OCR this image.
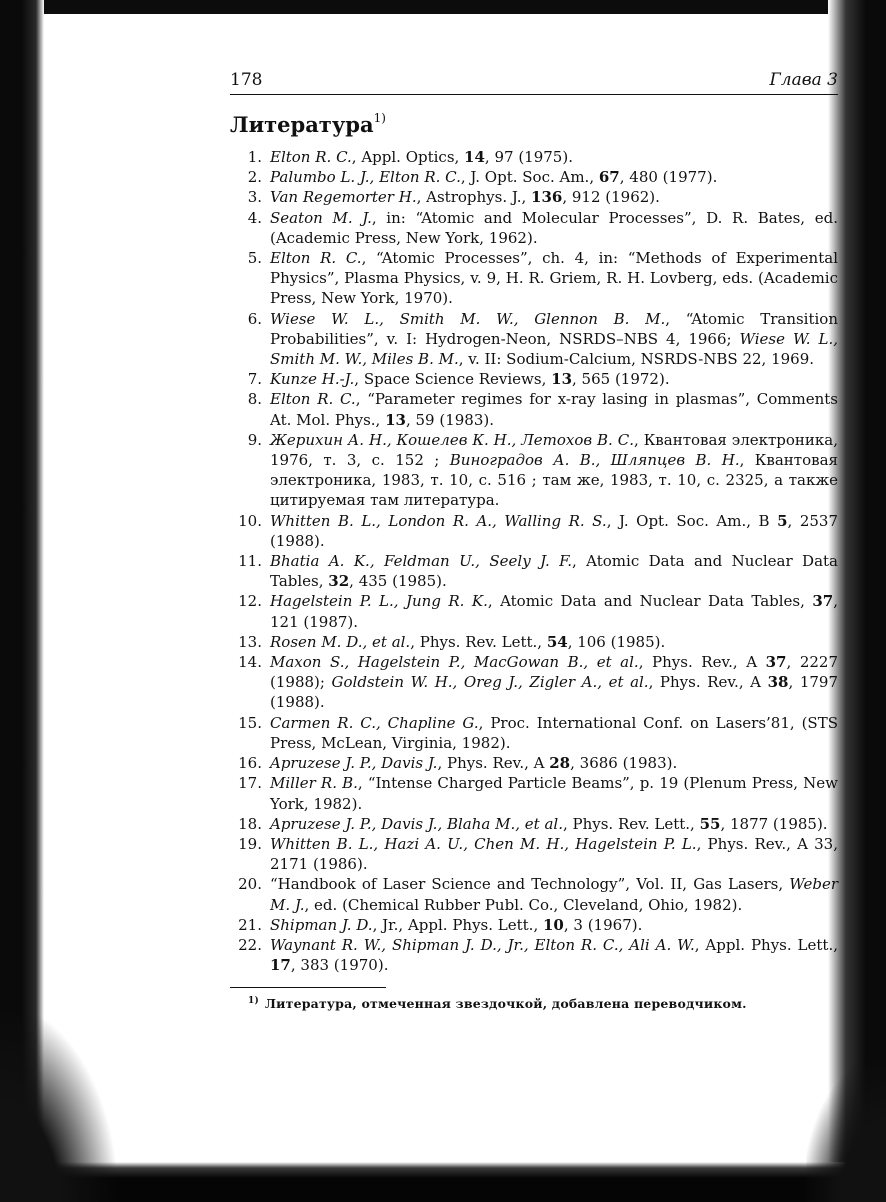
178	Глава 3
Литература$^{1)}$
1. Elton R. C., Appl. Optics, 14, 97 (1975).
2. Palumbo L. J., Elton R. C., J. Opt. Soc. Am., 67, 480 (1977).
3. Van Regemorter H., Astrophys. J., 136, 912 (1962).
4. Seaton M. J., in: “Atomic and Molecular Processes”, D. R. Bates, ed. (Academic Press, New York, 1962).
5. Elton R. C., “Atomic Processes”, ch. 4, in: “Methods of Experimental Physics”, Plasma Physics, v. 9, H. R. Griem, R. H. Lovberg, eds. (Academic Press, New York, 1970).
6. Wiese W. L., Smith M. W., Glennon B. M., “Atomic Transition Probabilities”, v. I: Hydrogen-Neon, NSRDS–NBS 4, 1966; Wiese W. L., Smith M. W., Miles B. M., v. II: Sodium-Calcium, NSRDS-NBS 22, 1969.
7. Kunze H.-J., Space Science Reviews, 13, 565 (1972).
8. Elton R. C., “Parameter regimes for x-ray lasing in plasmas”, Comments At. Mol. Phys., 13, 59 (1983).
9. Жерихин А. Н., Кошелев К. Н., Летохов В. С., Квантовая электроника, 1976, т. 3, с. 152 ; Виноградов А. В., Шляпцев В. Н., Квантовая электроника, 1983, т. 10, с. 516 ; там же, 1983, т. 10, с. 2325, а также цитируемая там литература.
10. Whitten B. L., London R. A., Walling R. S., J. Opt. Soc. Am., B 5, 2537 (1988).
11. Bhatia A. K., Feldman U., Seely J. F., Atomic Data and Nuclear Data Tables, 32, 435 (1985).
12. Hagelstein P. L., Jung R. K., Atomic Data and Nuclear Data Tables, 37, 121 (1987).
13. Rosen M. D., et al., Phys. Rev. Lett., 54, 106 (1985).
14. Maxon S., Hagelstein P., MacGowan B., et al., Phys. Rev., A 37, 2227 (1988); Goldstein W. H., Oreg J., Zigler A., et al., Phys. Rev., A 38, 1797 (1988).
15. Carmen R. C., Chapline G., Proc. International Conf. on Lasers’81, (STS Press, McLean, Virginia, 1982).
16. Apruzese J. P., Davis J., Phys. Rev., A 28, 3686 (1983).
17. Miller R. B., “Intense Charged Particle Beams”, p. 19 (Plenum Press, New York, 1982).
18. Apruzese J. P., Davis J., Blaha M., et al., Phys. Rev. Lett., 55, 1877 (1985).
19. Whitten B. L., Hazi A. U., Chen M. H., Hagelstein P. L., Phys. Rev., A 33, 2171 (1986).
20. “Handbook of Laser Science and Technology”, Vol. II, Gas Lasers, Weber M. J., ed. (Chemical Rubber Publ. Co., Cleveland, Ohio, 1982).
21. Shipman J. D., Jr., Appl. Phys. Lett., 10, 3 (1967).
22. Waynant R. W., Shipman J. D., Jr., Elton R. C., Ali A. W., Appl. Phys. Lett., 17, 383 (1970).
$^{1)}$ Литература, отмеченная звездочкой, добавлена переводчиком.
